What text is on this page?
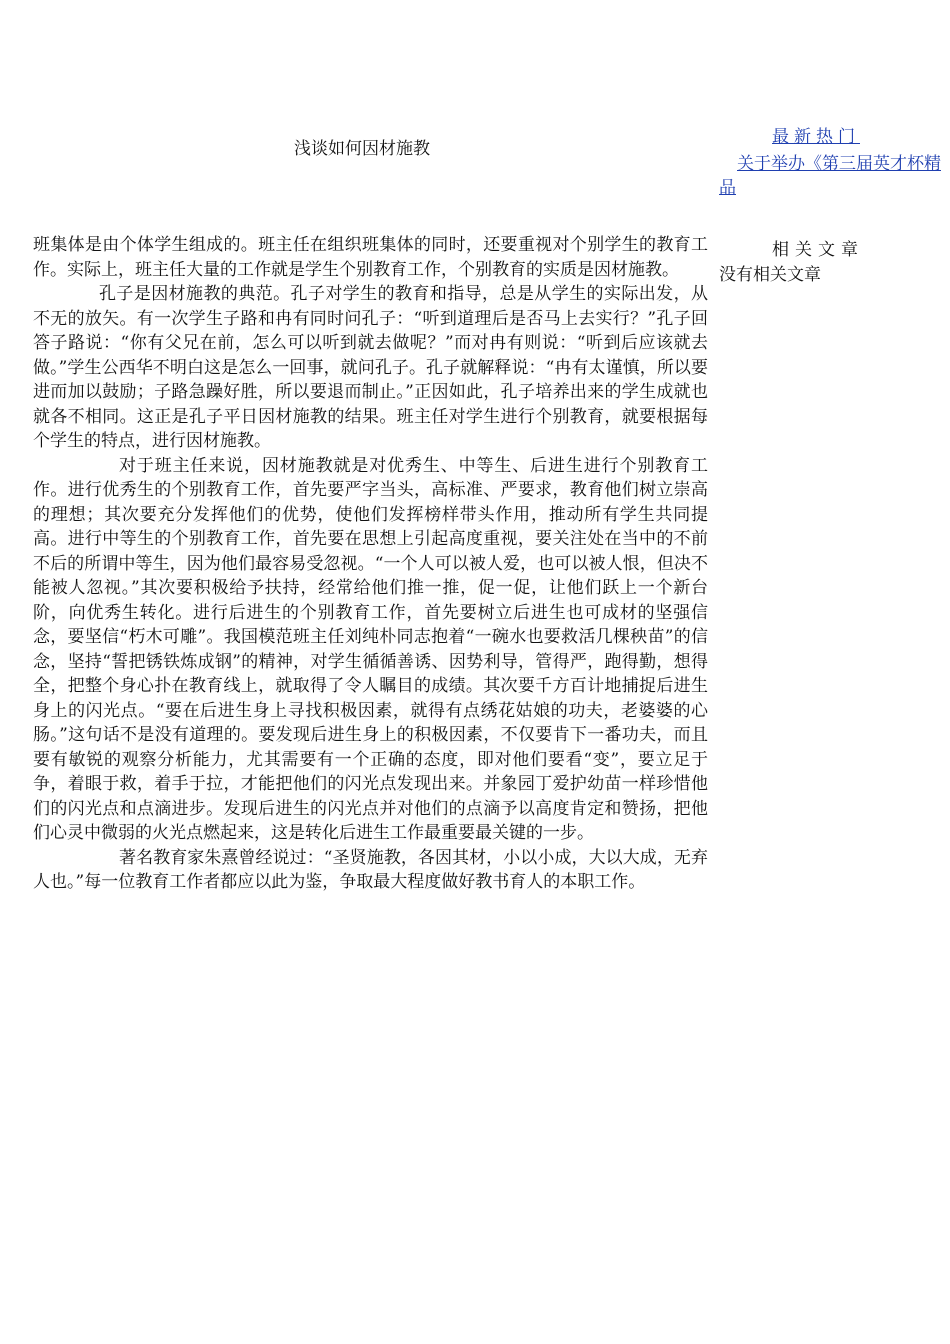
浅谈如何因材施教
最新热门
关于举办《第三届英才杯精品
相关文章
没有相关文章

班集体是由个体学生组成的。班主任在组织班集体的同时，还要重视对个别学生的教育工作。实际上，班主任大量的工作就是学生个别教育工作，个别教育的实质是因材施教。

孔子是因材施教的典范。孔子对学生的教育和指导，总是从学生的实际出发，从不无的放矢。有一次学生子路和冉有同时问孔子：“听到道理后是否马上去实行？”孔子回答子路说：“你有父兄在前，怎么可以听到就去做呢？”而对冉有则说：“听到后应该就去做。”学生公西华不明白这是怎么一回事，就问孔子。孔子就解释说：“冉有太谨慎，所以要进而加以鼓励；子路急躁好胜，所以要退而制止。”正因如此，孔子培养出来的学生成就也就各不相同。这正是孔子平日因材施教的结果。班主任对学生进行个别教育，就要根据每个学生的特点，进行因材施教。

对于班主任来说，因材施教就是对优秀生、中等生、后进生进行个别教育工作。进行优秀生的个别教育工作，首先要严字当头，高标准、严要求，教育他们树立崇高的理想；其次要充分发挥他们的优势，使他们发挥榜样带头作用，推动所有学生共同提高。进行中等生的个别教育工作，首先要在思想上引起高度重视，要关注处在当中的不前不后的所谓中等生，因为他们最容易受忽视。“一个人可以被人爱，也可以被人恨，但决不能被人忽视。”其次要积极给予扶持，经常给他们推一推，促一促，让他们跃上一个新台阶，向优秀生转化。进行后进生的个别教育工作，首先要树立后进生也可成材的坚强信念，要坚信“朽木可雕”。我国模范班主任刘纯朴同志抱着“一碗水也要救活几棵秧苗”的信念，坚持“誓把锈铁炼成钢”的精神，对学生循循善诱、因势利导，管得严，跑得勤，想得全，把整个身心扑在教育线上，就取得了令人瞩目的成绩。其次要千方百计地捕捉后进生身上的闪光点。“要在后进生身上寻找积极因素，就得有点绣花姑娘的功夫，老婆婆的心肠。”这句话不是没有道理的。要发现后进生身上的积极因素，不仅要肯下一番功夫，而且要有敏锐的观察分析能力，尤其需要有一个正确的态度，即对他们要看“变”，要立足于争，着眼于救，着手于拉，才能把他们的闪光点发现出来。并象园丁爱护幼苗一样珍惜他们的闪光点和点滴进步。发现后进生的闪光点并对他们的点滴予以高度肯定和赞扬，把他们心灵中微弱的火光点燃起来，这是转化后进生工作最重要最关键的一步。

著名教育家朱熹曾经说过：“圣贤施教，各因其材，小以小成，大以大成，无弃人也。”每一位教育工作者都应以此为鉴，争取最大程度做好教书育人的本职工作。
